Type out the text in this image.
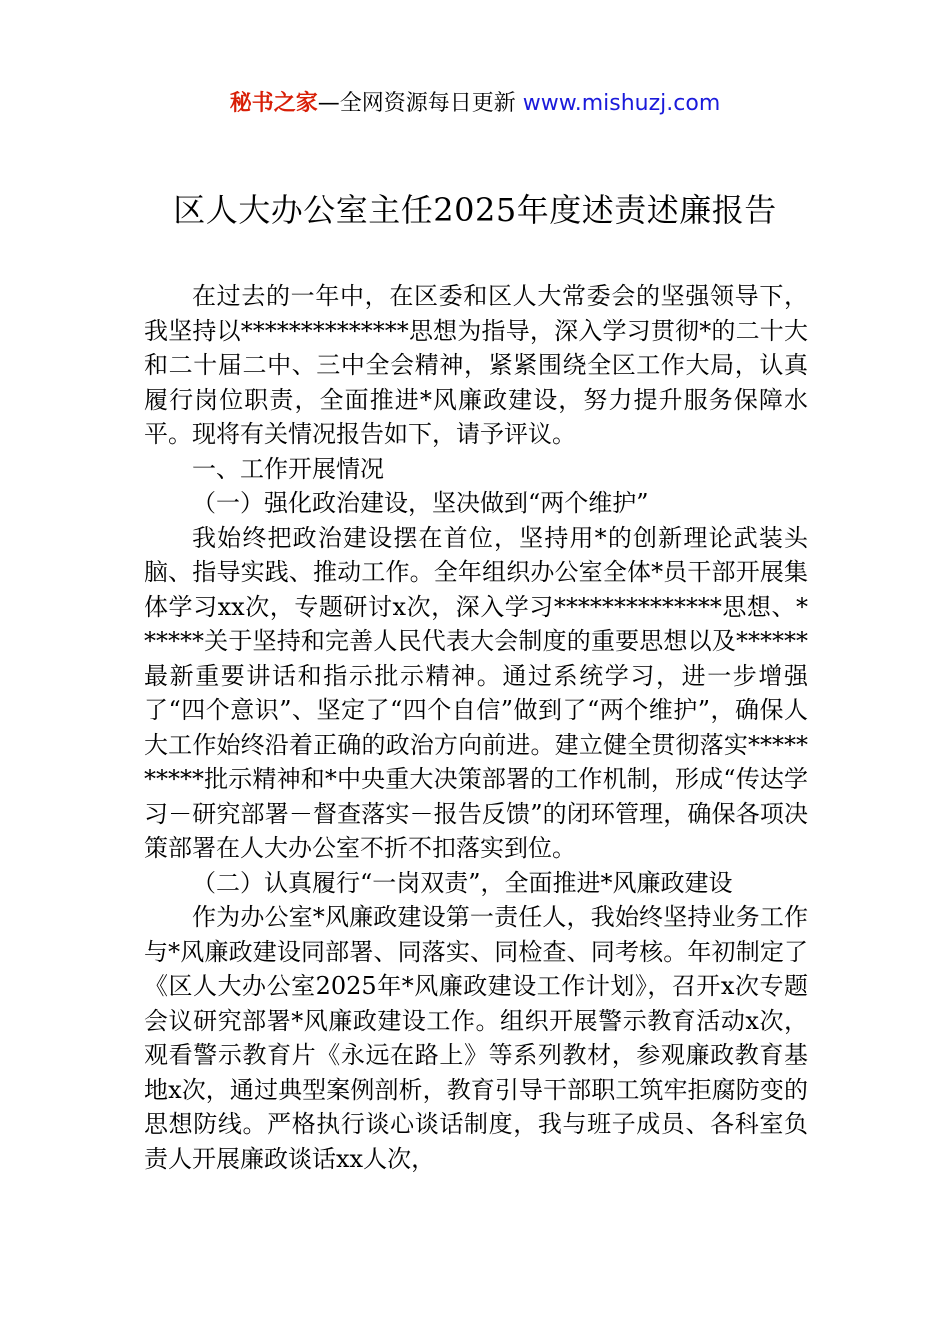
秘书之家—全网资源每日更新 www.mishuzj.com
区人大办公室主任2025年度述责述廉报告

在过去的一年中，在区委和区人大常委会的坚强领导下，我坚持以**************思想为指导，深入学习贯彻*的二十大和二十届二中、三中全会精神，紧紧围绕全区工作大局，认真履行岗位职责，全面推进*风廉政建设，努力提升服务保障水平。现将有关情况报告如下，请予评议。

一、工作开展情况

（一）强化政治建设，坚决做到“两个维护”

我始终把政治建设摆在首位，坚持用*的创新理论武装头脑、指导实践、推动工作。全年组织办公室全体*员干部开展集体学习xx次，专题研讨x次，深入学习**************思想、******关于坚持和完善人民代表大会制度的重要思想以及******最新重要讲话和指示批示精神。通过系统学习，进一步增强了“四个意识”、坚定了“四个自信”做到了“两个维护”，确保人大工作始终沿着正确的政治方向前进。建立健全贯彻落实**********批示精神和*中央重大决策部署的工作机制，形成“传达学习－研究部署－督查落实－报告反馈”的闭环管理，确保各项决策部署在人大办公室不折不扣落实到位。

（二）认真履行“一岗双责”，全面推进*风廉政建设

作为办公室*风廉政建设第一责任人，我始终坚持业务工作与*风廉政建设同部署、同落实、同检查、同考核。年初制定了《区人大办公室2025年*风廉政建设工作计划》，召开x次专题会议研究部署*风廉政建设工作。组织开展警示教育活动x次，观看警示教育片《永远在路上》等系列教材，参观廉政教育基地x次，通过典型案例剖析，教育引导干部职工筑牢拒腐防变的思想防线。严格执行谈心谈话制度，我与班子成员、各科室负责人开展廉政谈话xx人次，
